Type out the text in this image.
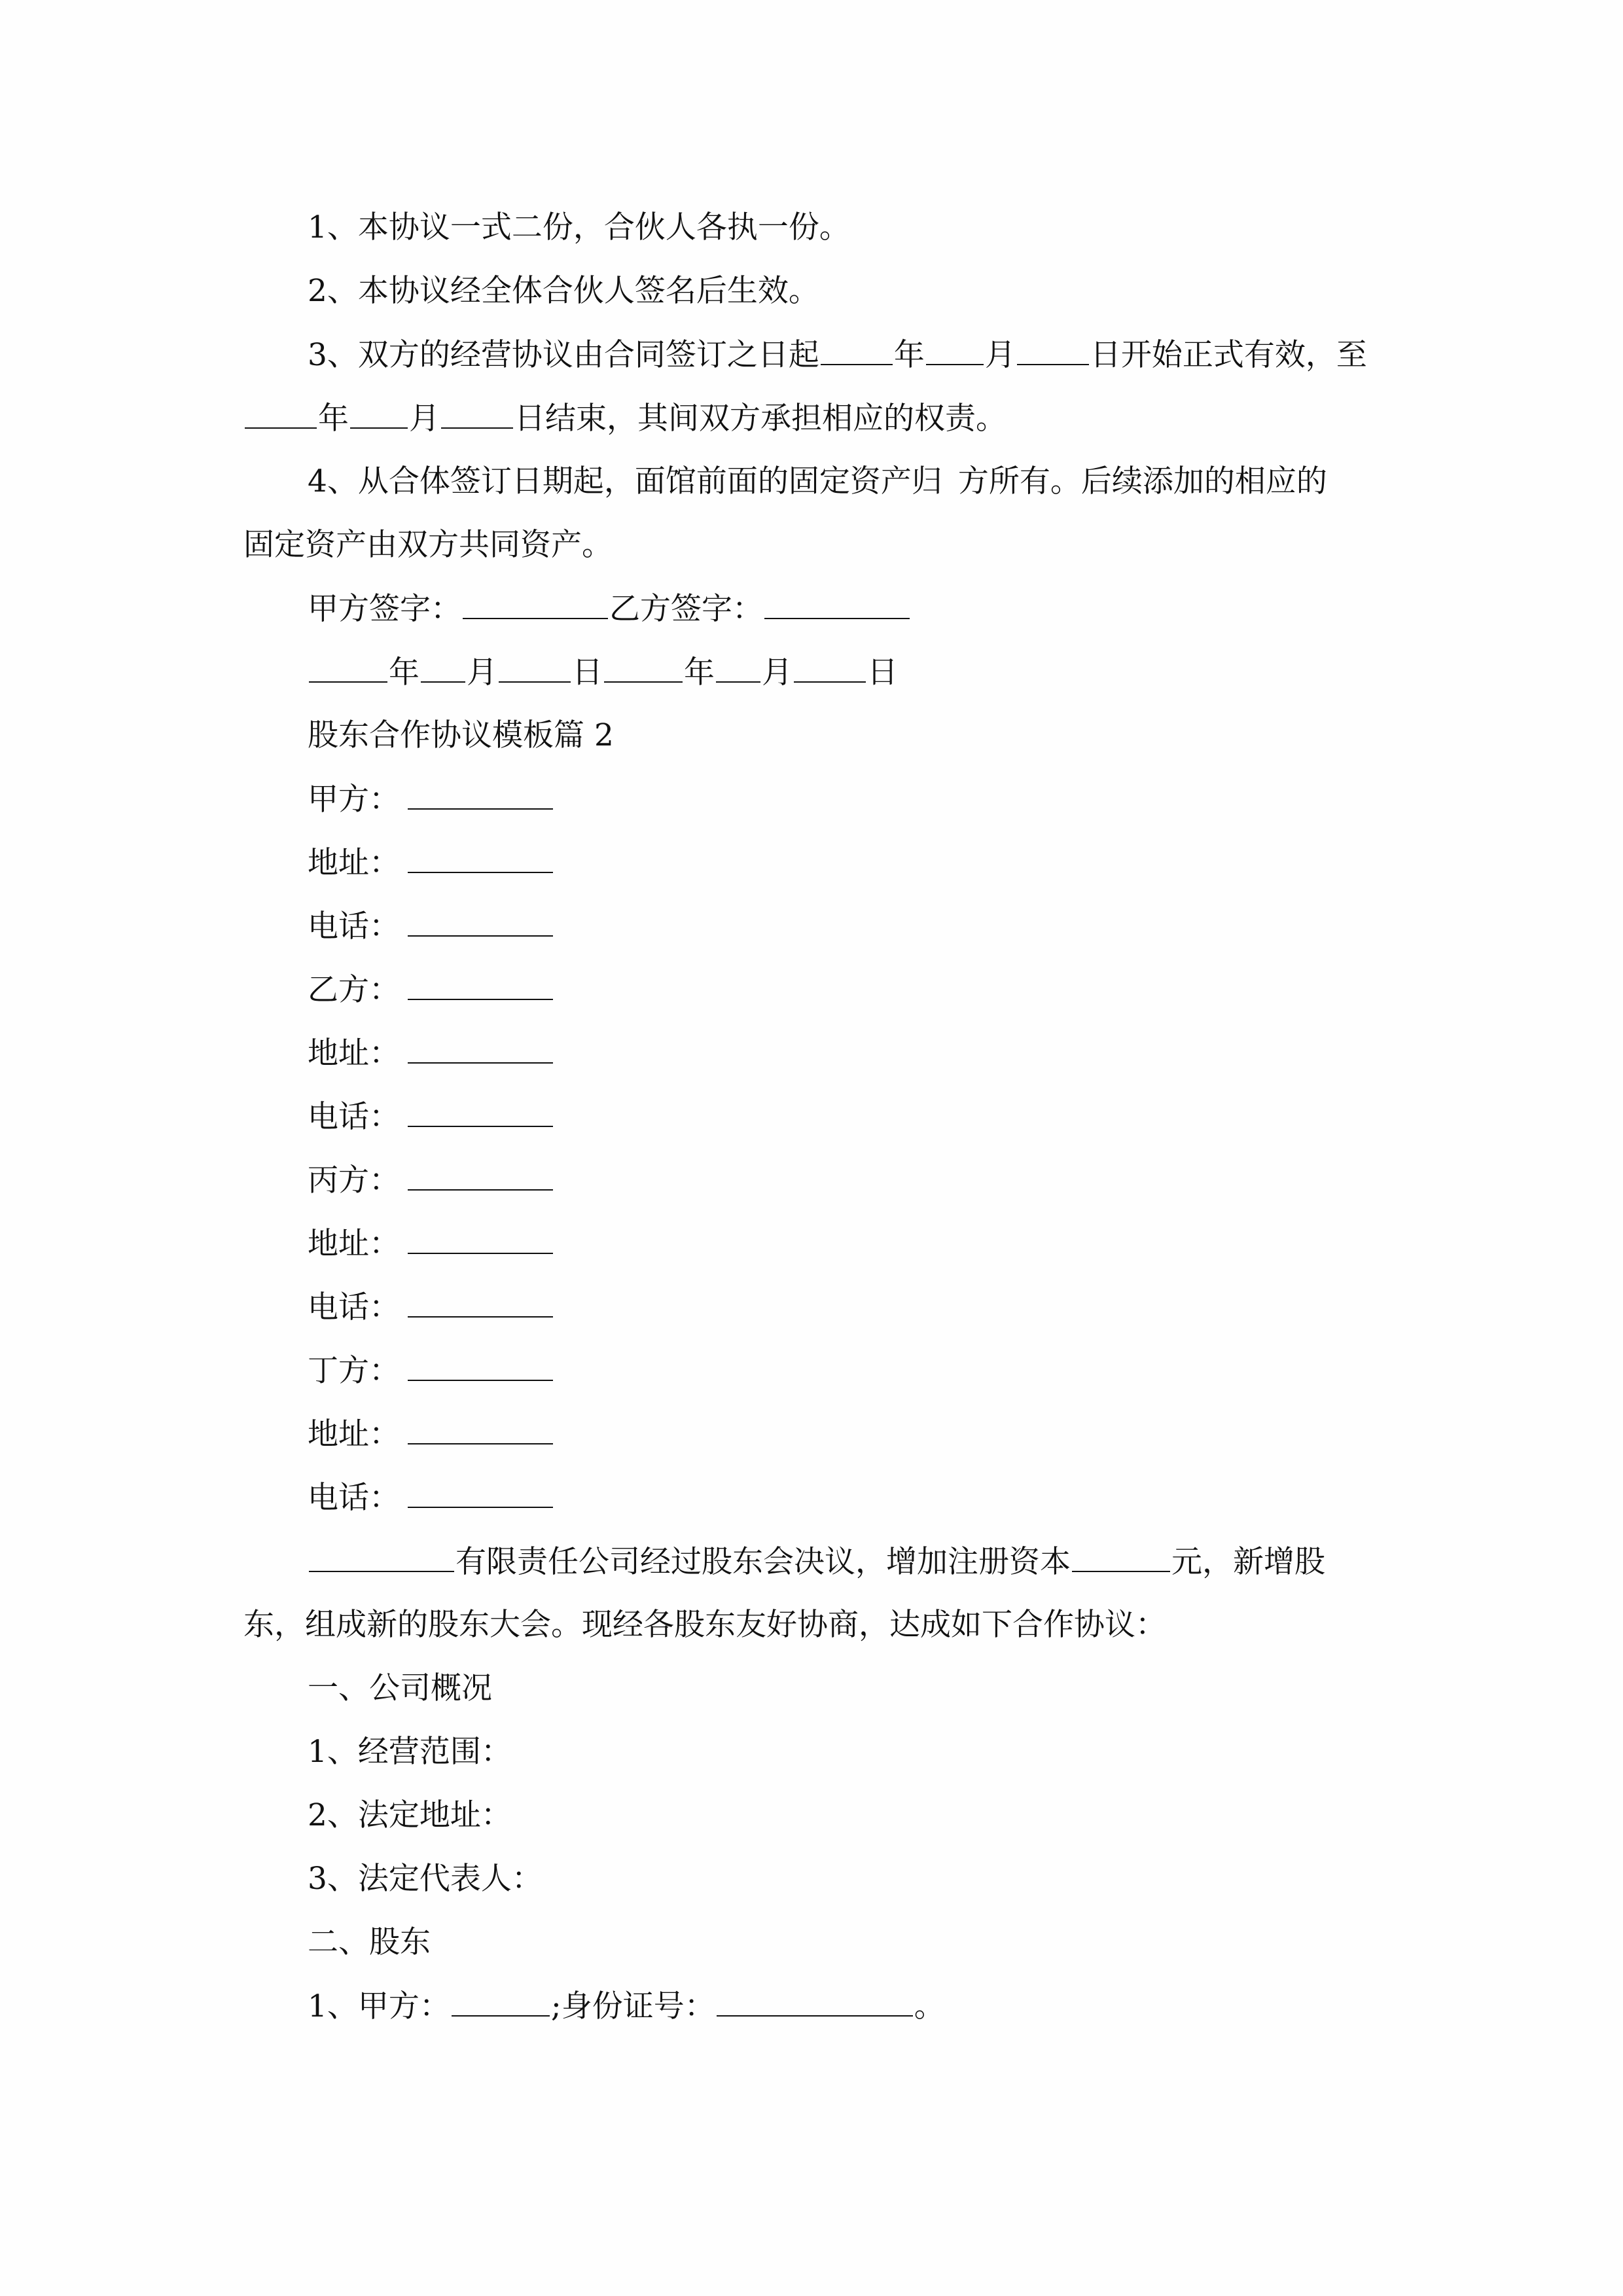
1、本协议一式二份，合伙人各执一份。
2、本协议经全体合伙人签名后生效。
3、双方的经营协议由合同签订之日起 年 月 日开始正式有效，至
年 月 日结束，其间双方承担相应的权责。
4、从合体签订日期起，面馆前面的固定资产归 方所有。后续添加的相应的
固定资产由双方共同资产。
甲方签字：	乙方签字：
年 月 日	年 月 日
股东合作协议模板篇 2
甲方：
地址：
电话：
乙方：
地址：
电话：
丙方：
地址：
电话：
丁方：
地址：
电话：
有限责任公司经过股东会决议，增加注册资本	元，新增股
东，组成新的股东大会。现经各股东友好协商，达成如下合作协议：
一、公司概况
1、经营范围：
2、法定地址：
3、法定代表人：
二、股东
1、甲方：	;身份证号：	。
